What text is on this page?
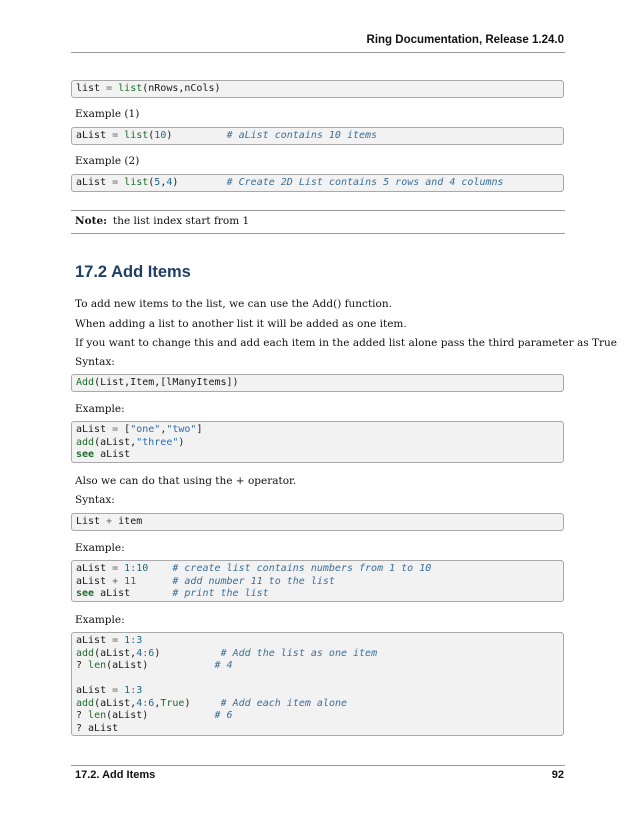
Ring Documentation, Release 1.24.0
list = list(nRows,nCols)
Example (1)
aList = list(10)	# aList contains 10 items
Example (2)
aList = list(5,4)	# Create 2D List contains 5 rows and 4 columns
Note: the list index start from 1
17.2 Add Items
To add new items to the list, we can use the Add() function.
When adding a list to another list it will be added as one item.
If you want to change this and add each item in the added list alone pass the third parameter as True
Syntax:
Add(List,Item,[lManyItems])
Example:
aList = ["one","two"]
add(aList,"three")
see aList
Also we can do that using the + operator.
Syntax:
List + item
Example:
aList = 1:10 # create list contains numbers from 1 to 10
aList + 11	# add number 11 to the list
see aList	# print the list
Example:
aList = 1:3
add(aList,4:6)	# Add the list as one item
? len(aList)	# 4

aList = 1:3
add(aList,4:6,True)	# Add each item alone
? len(aList)	# 6
? aList
17.2. Add Items	92
